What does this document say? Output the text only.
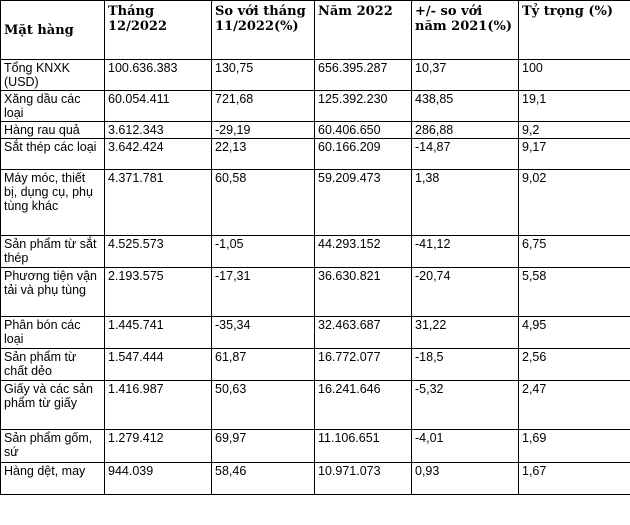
Mặt hàng	Tháng 12/2022	So với tháng 11/2022(%)	Năm 2022	+/- so với năm 2021(%)	Tỷ trọng (%)
Tổng KNXK (USD)	100.636.383	130,75	656.395.287	10,37	100
Xăng dầu các loại	60.054.411	721,68	125.392.230	438,85	19,1
Hàng rau quả	3.612.343	-29,19	60.406.650	286,88	9,2
Sắt thép các loại	3.642.424	22,13	60.166.209	-14,87	9,17
Máy móc, thiết bị, dụng cụ, phụ tùng khác	4.371.781	60,58	59.209.473	1,38	9,02
Sản phẩm từ sắt thép	4.525.573	-1,05	44.293.152	-41,12	6,75
Phương tiện vận tải và phụ tùng	2.193.575	-17,31	36.630.821	-20,74	5,58
Phân bón các loại	1.445.741	-35,34	32.463.687	31,22	4,95
Sản phẩm từ chất dẻo	1.547.444	61,87	16.772.077	-18,5	2,56
Giấy và các sản phẩm từ giấy	1.416.987	50,63	16.241.646	-5,32	2,47
Sản phẩm gốm, sứ	1.279.412	69,97	11.106.651	-4,01	1,69
Hàng dệt, may	944.039	58,46	10.971.073	0,93	1,67
